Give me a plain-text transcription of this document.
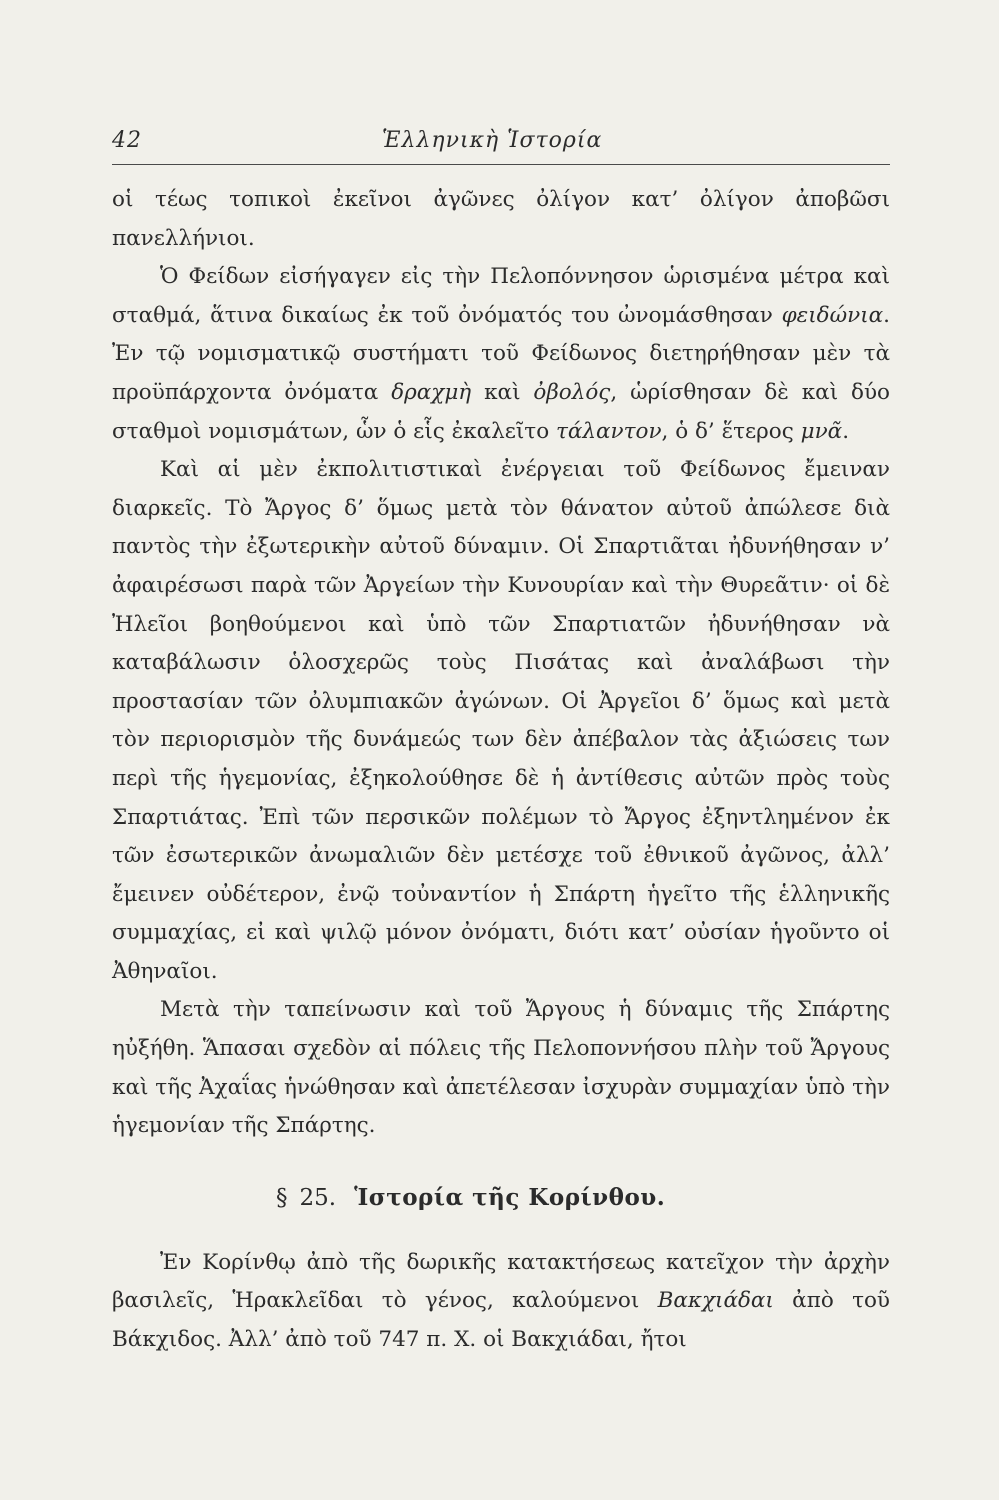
42	Ἑλληνικὴ Ἱστορία

οἱ τέως τοπικοὶ ἐκεῖνοι ἀγῶνες ὀλίγον κατ’ ὀλίγον ἀποβῶσι πανελλήνιοι.

Ὁ Φείδων εἰσήγαγεν εἰς τὴν Πελοπόννησον ὡρισμένα μέτρα καὶ σταθμά, ἅτινα δικαίως ἐκ τοῦ ὀνόματός του ὠνομάσθησαν φειδώνια. Ἐν τῷ νομισματικῷ συστήματι τοῦ Φείδωνος διετηρήθησαν μὲν τὰ προϋπάρχοντα ὀνόματα δραχμὴ καὶ ὀβολός, ὡρίσθησαν δὲ καὶ δύο σταθμοὶ νομισμάτων, ὧν ὁ εἷς ἐκαλεῖτο τάλαντον, ὁ δ’ ἕτερος μνᾶ.

Καὶ αἱ μὲν ἐκπολιτιστικαὶ ἐνέργειαι τοῦ Φείδωνος ἔμειναν διαρκεῖς. Τὸ Ἄργος δ’ ὅμως μετὰ τὸν θάνατον αὐτοῦ ἀπώλεσε διὰ παντὸς τὴν ἐξωτερικὴν αὐτοῦ δύναμιν. Οἱ Σπαρτιᾶται ἠδυνήθησαν ν’ ἀφαιρέσωσι παρὰ τῶν Ἀργείων τὴν Κυνουρίαν καὶ τὴν Θυρεᾶτιν· οἱ δὲ Ἠλεῖοι βοηθούμενοι καὶ ὑπὸ τῶν Σπαρτιατῶν ἠδυνήθησαν νὰ καταβάλωσιν ὁλοσχερῶς τοὺς Πισάτας καὶ ἀναλάβωσι τὴν προστασίαν τῶν ὀλυμπιακῶν ἀγώνων. Οἱ Ἀργεῖοι δ’ ὅμως καὶ μετὰ τὸν περιορισμὸν τῆς δυνάμεώς των δὲν ἀπέβαλον τὰς ἀξιώσεις των περὶ τῆς ἡγεμονίας, ἐξηκολούθησε δὲ ἡ ἀντίθεσις αὐτῶν πρὸς τοὺς Σπαρτιάτας. Ἐπὶ τῶν περσικῶν πολέμων τὸ Ἄργος ἐξηντλημένον ἐκ τῶν ἐσωτερικῶν ἀνωμαλιῶν δὲν μετέσχε τοῦ ἐθνικοῦ ἀγῶνος, ἀλλ’ ἔμεινεν οὐδέτερον, ἐνῷ τοὐναντίον ἡ Σπάρτη ἡγεῖτο τῆς ἑλληνικῆς συμμαχίας, εἰ καὶ ψιλῷ μόνον ὀνόματι, διότι κατ’ οὐσίαν ἡγοῦντο οἱ Ἀθηναῖοι.

Μετὰ τὴν ταπείνωσιν καὶ τοῦ Ἄργους ἡ δύναμις τῆς Σπάρτης ηὐξήθη. Ἅπασαι σχεδὸν αἱ πόλεις τῆς Πελοποννήσου πλὴν τοῦ Ἄργους καὶ τῆς Ἀχαΐας ἡνώθησαν καὶ ἀπετέλεσαν ἰσχυρὰν συμμαχίαν ὑπὸ τὴν ἡγεμονίαν τῆς Σπάρτης.

§ 25. Ἱστορία τῆς Κορίνθου.

Ἐν Κορίνθῳ ἀπὸ τῆς δωρικῆς κατακτήσεως κατεῖχον τὴν ἀρχὴν βασιλεῖς, Ἡρακλεῖδαι τὸ γένος, καλούμενοι Βακχιάδαι ἀπὸ τοῦ Βάκχιδος. Ἀλλ’ ἀπὸ τοῦ 747 π. Χ. οἱ Βακχιάδαι, ἤτοι
